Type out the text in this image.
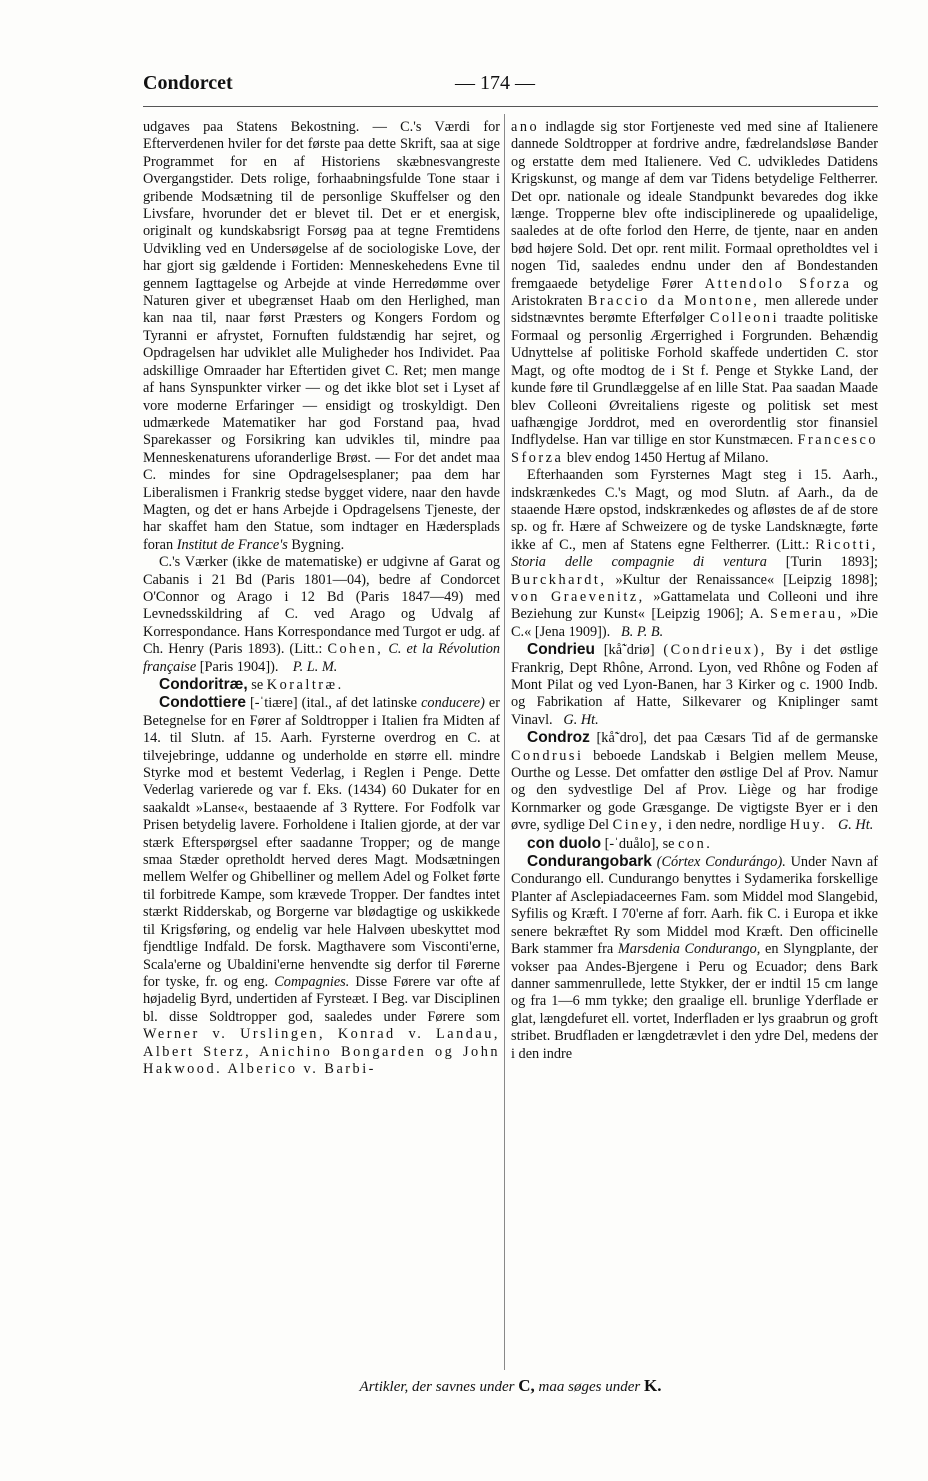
Condorcet	— 174 —

udgaves paa Statens Bekostning. — C.'s Værdi for Efterverdenen hviler for det første paa dette Skrift, saa at sige Programmet for en af Historiens skæbnesvangreste Overgangstider. Dets rolige, forhaabningsfulde Tone staar i gribende Modsætning til de personlige Skuffelser og den Livsfare, hvorunder det er blevet til. Det er et energisk, originalt og kundskabsrigt Forsøg paa at tegne Fremtidens Udvikling ved en Undersøgelse af de sociologiske Love, der har gjort sig gældende i Fortiden: Menneskehedens Evne til gennem Iagttagelse og Arbejde at vinde Herredømme over Naturen giver et ubegrænset Haab om den Herlighed, man kan naa til, naar først Præsters og Kongers Fordom og Tyranni er afrystet, Fornuften fuldstændig har sejret, og Opdragelsen har udviklet alle Muligheder hos Individet. Paa adskillige Omraader har Eftertiden givet C. Ret; men mange af hans Synspunkter virker — og det ikke blot set i Lyset af vore moderne Erfaringer — ensidigt og troskyldigt. Den udmærkede Matematiker har god Forstand paa, hvad Sparekasser og Forsikring kan udvikles til, mindre paa Menneskenaturens uforanderlige Brøst. — For det andet maa C. mindes for sine Opdragelsesplaner; paa dem har Liberalismen i Frankrig stedse bygget videre, naar den havde Magten, og det er hans Arbejde i Opdragelsens Tjeneste, der har skaffet ham den Statue, som indtager en Hædersplads foran Institut de France's Bygning.

C.'s Værker (ikke de matematiske) er udgivne af Garat og Cabanis i 21 Bd (Paris 1801—04), bedre af Condorcet O'Connor og Arago i 12 Bd (Paris 1847—49) med Levnedsskildring af C. ved Arago og Udvalg af Korrespondance. Hans Korrespondance med Turgot er udg. af Ch. Henry (Paris 1893). (Litt.: Cohen, C. et la Révolution française [Paris 1904]). P. L. M.

Condoritræ, se Koraltræ.

Condottiere [-ˈtiære] (ital., af det latinske conducere) er Betegnelse for en Fører af Soldtropper i Italien fra Midten af 14. til Slutn. af 15. Aarh. Fyrsterne overdrog en C. at tilvejebringe, uddanne og underholde en større ell. mindre Styrke mod et bestemt Vederlag, i Reglen i Penge. Dette Vederlag varierede og var f. Eks. (1434) 60 Dukater for en saakaldt »Lanse«, bestaaende af 3 Ryttere. For Fodfolk var Prisen betydelig lavere. Forholdene i Italien gjorde, at der var stærk Efterspørgsel efter saadanne Tropper; og de mange smaa Stæder opretholdt herved deres Magt. Modsætningen mellem Welfer og Ghibelliner og mellem Adel og Folket førte til forbitrede Kampe, som krævede Tropper. Der fandtes intet stærkt Ridderskab, og Borgerne var blødagtige og uskikkede til Krigsføring, og endelig var hele Halvøen ubeskyttet mod fjendtlige Indfald. De forsk. Magthavere som Visconti'erne, Scala'erne og Ubaldini'erne henvendte sig derfor til Førerne for tyske, fr. og eng. Compagnies. Disse Førere var ofte af højadelig Byrd, undertiden af Fyrsteæt. I Beg. var Disciplinen bl. disse Soldtropper god, saaledes under Førere som Werner v. Urslingen, Konrad v. Landau, Albert Sterz, Anichino Bongarden og John Hakwood. Alberico v. Barbi-

ano indlagde sig stor Fortjeneste ved med sine af Italienere dannede Soldtropper at fordrive andre, fædrelandsløse Bander og erstatte dem med Italienere. Ved C. udvikledes Datidens Krigskunst, og mange af dem var Tidens betydelige Feltherrer. Det opr. nationale og ideale Standpunkt bevaredes dog ikke længe. Tropperne blev ofte indisciplinerede og upaalidelige, saaledes at de ofte forlod den Herre, de tjente, naar en anden bød højere Sold. Det opr. rent milit. Formaal opretholdtes vel i nogen Tid, saaledes endnu under den af Bondestanden fremgaaede betydelige Fører Attendolo Sforza og Aristokraten Braccio da Montone, men allerede under sidstnævntes berømte Efterfølger Colleoni traadte politiske Formaal og personlig Ærgerrighed i Forgrunden. Behændig Udnyttelse af politiske Forhold skaffede undertiden C. stor Magt, og ofte modtog de i St f. Penge et Stykke Land, der kunde føre til Grundlæggelse af en lille Stat. Paa saadan Maade blev Colleoni Øvreitaliens rigeste og politisk set mest uafhængige Jorddrot, med en overordentlig stor finansiel Indflydelse. Han var tillige en stor Kunstmæcen. Francesco Sforza blev endog 1450 Hertug af Milano.

Efterhaanden som Fyrsternes Magt steg i 15. Aarh., indskrænkedes C.'s Magt, og mod Slutn. af Aarh., da de staaende Hære opstod, indskrænkedes og afløstes de af de store sp. og fr. Hære af Schweizere og de tyske Landsknægte, førte ikke af C., men af Statens egne Feltherrer. (Litt.: Ricotti, Storia delle compagnie di ventura [Turin 1893]; Burckhardt, »Kultur der Renaissance« [Leipzig 1898]; von Graevenitz, »Gattamelata und Colleoni und ihre Beziehung zur Kunst« [Leipzig 1906]; A. Semerau, »Die C.« [Jena 1909]). B. P. B.

Condrieu [kå̃ˈdriø] (Condrieux), By i det østlige Frankrig, Dept Rhône, Arrond. Lyon, ved Rhône og Foden af Mont Pilat og ved Lyon-Banen, har 3 Kirker og c. 1900 Indb. og Fabrikation af Hatte, Silkevarer og Kniplinger samt Vinavl. G. Ht.

Condroz [kå̃ˈdro], det paa Cæsars Tid af de germanske Condrusi beboede Landskab i Belgien mellem Meuse, Ourthe og Lesse. Det omfatter den østlige Del af Prov. Namur og den sydvestlige Del af Prov. Liège og har frodige Kornmarker og gode Græsgange. De vigtigste Byer er i den øvre, sydlige Del Ciney, i den nedre, nordlige Huy. G. Ht.

con duolo [-ˈduålo], se con.

Condurangobark (Córtex Condurángo). Under Navn af Condurango ell. Cundurango benyttes i Sydamerika forskellige Planter af Asclepiadaceernes Fam. som Middel mod Slangebid, Syfilis og Kræft. I 70'erne af forr. Aarh. fik C. i Europa et ikke senere bekræftet Ry som Middel mod Kræft. Den officinelle Bark stammer fra Marsdenia Condurango, en Slyngplante, der vokser paa Andes-Bjergene i Peru og Ecuador; dens Bark danner sammenrullede, lette Stykker, der er indtil 15 cm lange og fra 1—6 mm tykke; den graalige ell. brunlige Yderflade er glat, længdefuret ell. vortet, Inderfladen er lys graabrun og groft stribet. Brudfladen er længdetrævlet i den ydre Del, medens der i den indre

Artikler, der savnes under C, maa søges under K.
